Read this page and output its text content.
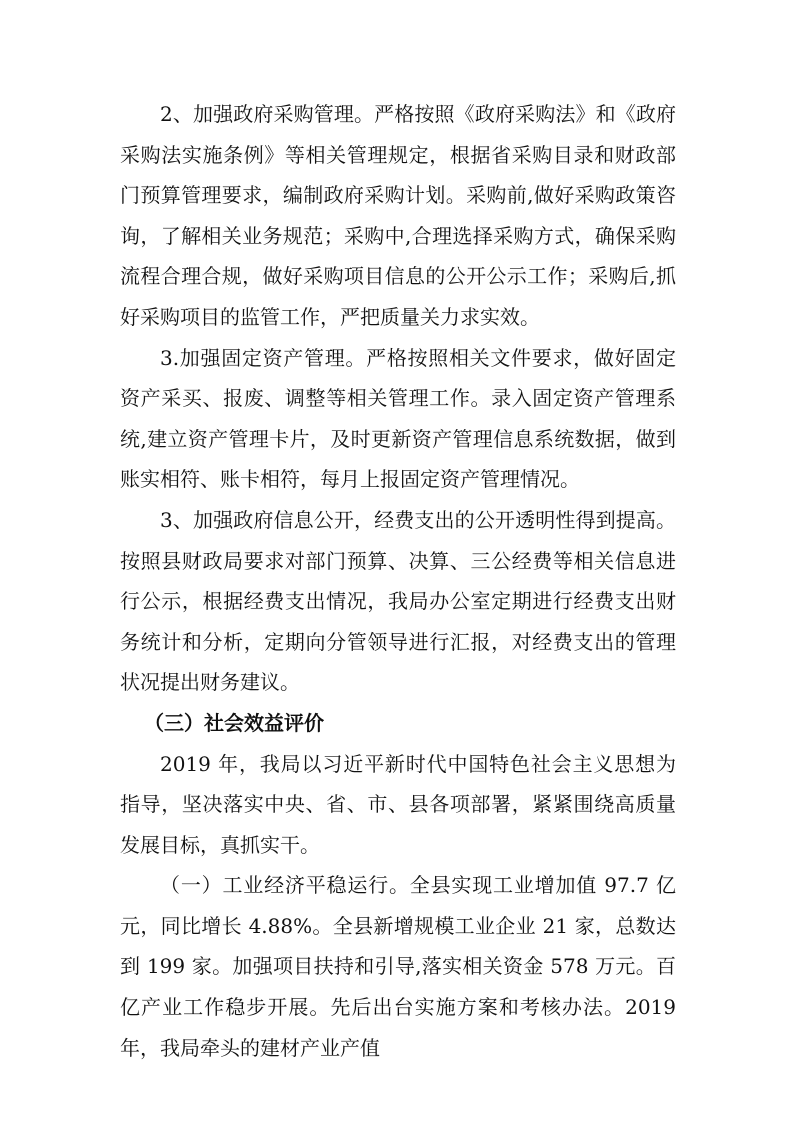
2、加强政府采购管理。严格按照《政府采购法》和《政府采购法实施条例》等相关管理规定，根据省采购目录和财政部门预算管理要求，编制政府采购计划。采购前,做好采购政策咨询，了解相关业务规范；采购中,合理选择采购方式，确保采购流程合理合规，做好采购项目信息的公开公示工作；采购后,抓好采购项目的监管工作，严把质量关力求实效。

3.加强固定资产管理。严格按照相关文件要求，做好固定资产采买、报废、调整等相关管理工作。录入固定资产管理系统,建立资产管理卡片，及时更新资产管理信息系统数据，做到账实相符、账卡相符，每月上报固定资产管理情况。

3、加强政府信息公开，经费支出的公开透明性得到提高。按照县财政局要求对部门预算、决算、三公经费等相关信息进行公示，根据经费支出情况，我局办公室定期进行经费支出财务统计和分析，定期向分管领导进行汇报，对经费支出的管理状况提出财务建议。

（三）社会效益评价

2019 年，我局以习近平新时代中国特色社会主义思想为指导，坚决落实中央、省、市、县各项部署，紧紧围绕高质量发展目标，真抓实干。

（一）工业经济平稳运行。全县实现工业增加值 97.7 亿元，同比增长 4.88%。全县新增规模工业企业 21 家，总数达到 199 家。加强项目扶持和引导,落实相关资金 578 万元。百亿产业工作稳步开展。先后出台实施方案和考核办法。2019 年，我局牵头的建材产业产值
